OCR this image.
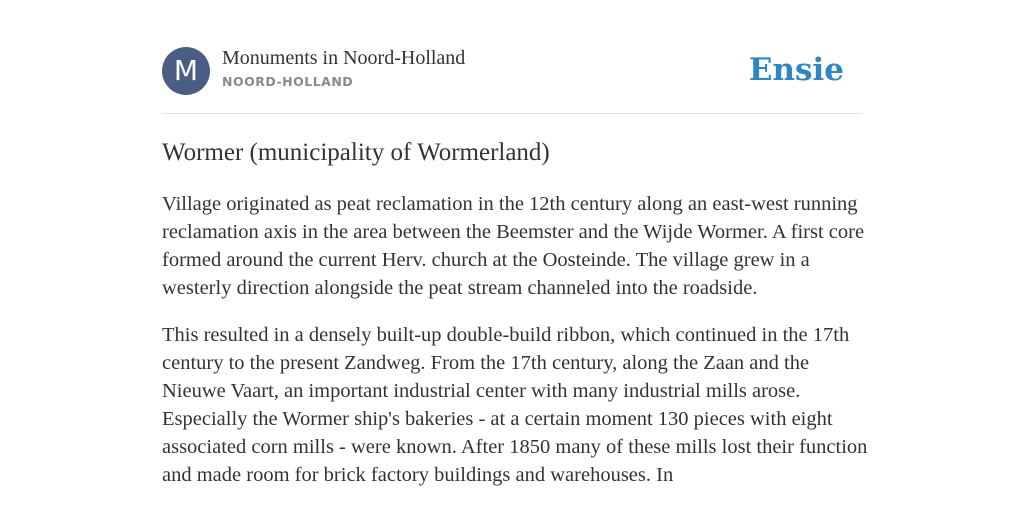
M	Monuments in Noord-Holland
NOORD-HOLLAND	Ensie
Wormer (municipality of Wormerland)

Village originated as peat reclamation in the 12th century along an east-west running reclamation axis in the area between the Beemster and the Wijde Wormer. A first core formed around the current Herv. church at the Oosteinde. The village grew in a westerly direction alongside the peat stream channeled into the roadside.

This resulted in a densely built-up double-build ribbon, which continued in the 17th century to the present Zandweg. From the 17th century, along the Zaan and the Nieuwe Vaart, an important industrial center with many industrial mills arose. Especially the Wormer ship's bakeries - at a certain moment 130 pieces with eight associated corn mills - were known. After 1850 many of these mills lost their function and made room for brick factory buildings and warehouses. In
